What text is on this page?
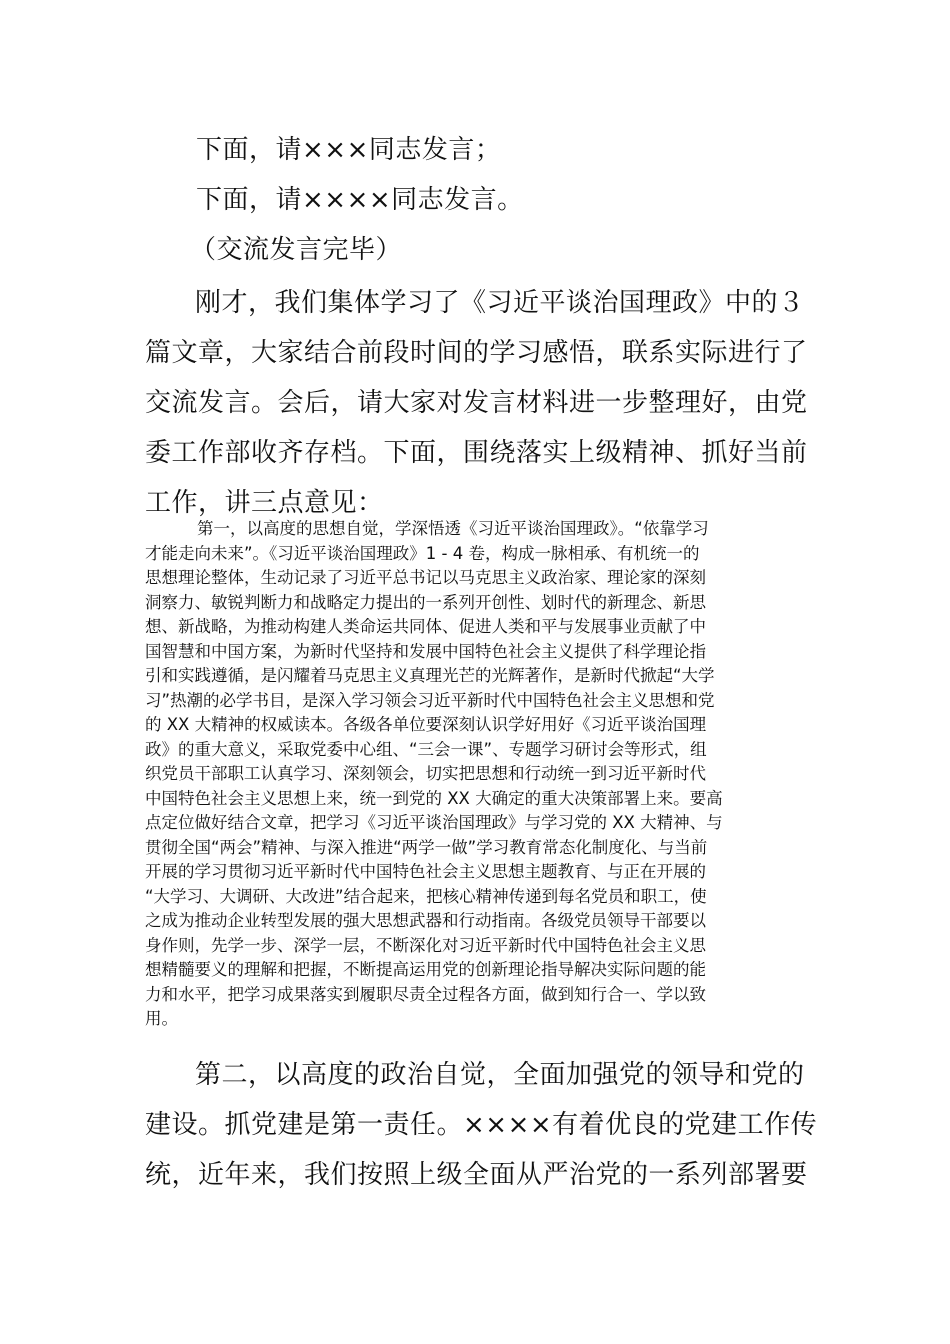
下面，请×××同志发言；
下面，请××××同志发言。
（交流发言完毕）
刚才，我们集体学习了《习近平谈治国理政》中的３
篇文章，大家结合前段时间的学习感悟，联系实际进行了
交流发言。会后，请大家对发言材料进一步整理好，由党
委工作部收齐存档。下面，围绕落实上级精神、抓好当前
工作，讲三点意见：
第一，以高度的思想自觉，学深悟透《习近平谈治国理政》。“依靠学习
才能走向未来”。《习近平谈治国理政》1 - 4 卷，构成一脉相承、有机统一的
思想理论整体，生动记录了习近平总书记以马克思主义政治家、理论家的深刻
洞察力、敏锐判断力和战略定力提出的一系列开创性、划时代的新理念、新思
想、新战略，为推动构建人类命运共同体、促进人类和平与发展事业贡献了中
国智慧和中国方案，为新时代坚持和发展中国特色社会主义提供了科学理论指
引和实践遵循，是闪耀着马克思主义真理光芒的光辉著作，是新时代掀起“大学
习”热潮的必学书目，是深入学习领会习近平新时代中国特色社会主义思想和党
的 XX 大精神的权威读本。各级各单位要深刻认识学好用好《习近平谈治国理
政》的重大意义，采取党委中心组、“三会一课”、专题学习研讨会等形式，组
织党员干部职工认真学习、深刻领会，切实把思想和行动统一到习近平新时代
中国特色社会主义思想上来，统一到党的 XX 大确定的重大决策部署上来。要高
点定位做好结合文章，把学习《习近平谈治国理政》与学习党的 XX 大精神、与
贯彻全国“两会”精神、与深入推进“两学一做”学习教育常态化制度化、与当前
开展的学习贯彻习近平新时代中国特色社会主义思想主题教育、与正在开展的
“大学习、大调研、大改进”结合起来，把核心精神传递到每名党员和职工，使
之成为推动企业转型发展的强大思想武器和行动指南。各级党员领导干部要以
身作则，先学一步、深学一层，不断深化对习近平新时代中国特色社会主义思
想精髓要义的理解和把握，不断提高运用党的创新理论指导解决实际问题的能
力和水平，把学习成果落实到履职尽责全过程各方面，做到知行合一、学以致
用。
第二，以高度的政治自觉，全面加强党的领导和党的
建设。抓党建是第一责任。××××有着优良的党建工作传
统，近年来，我们按照上级全面从严治党的一系列部署要
